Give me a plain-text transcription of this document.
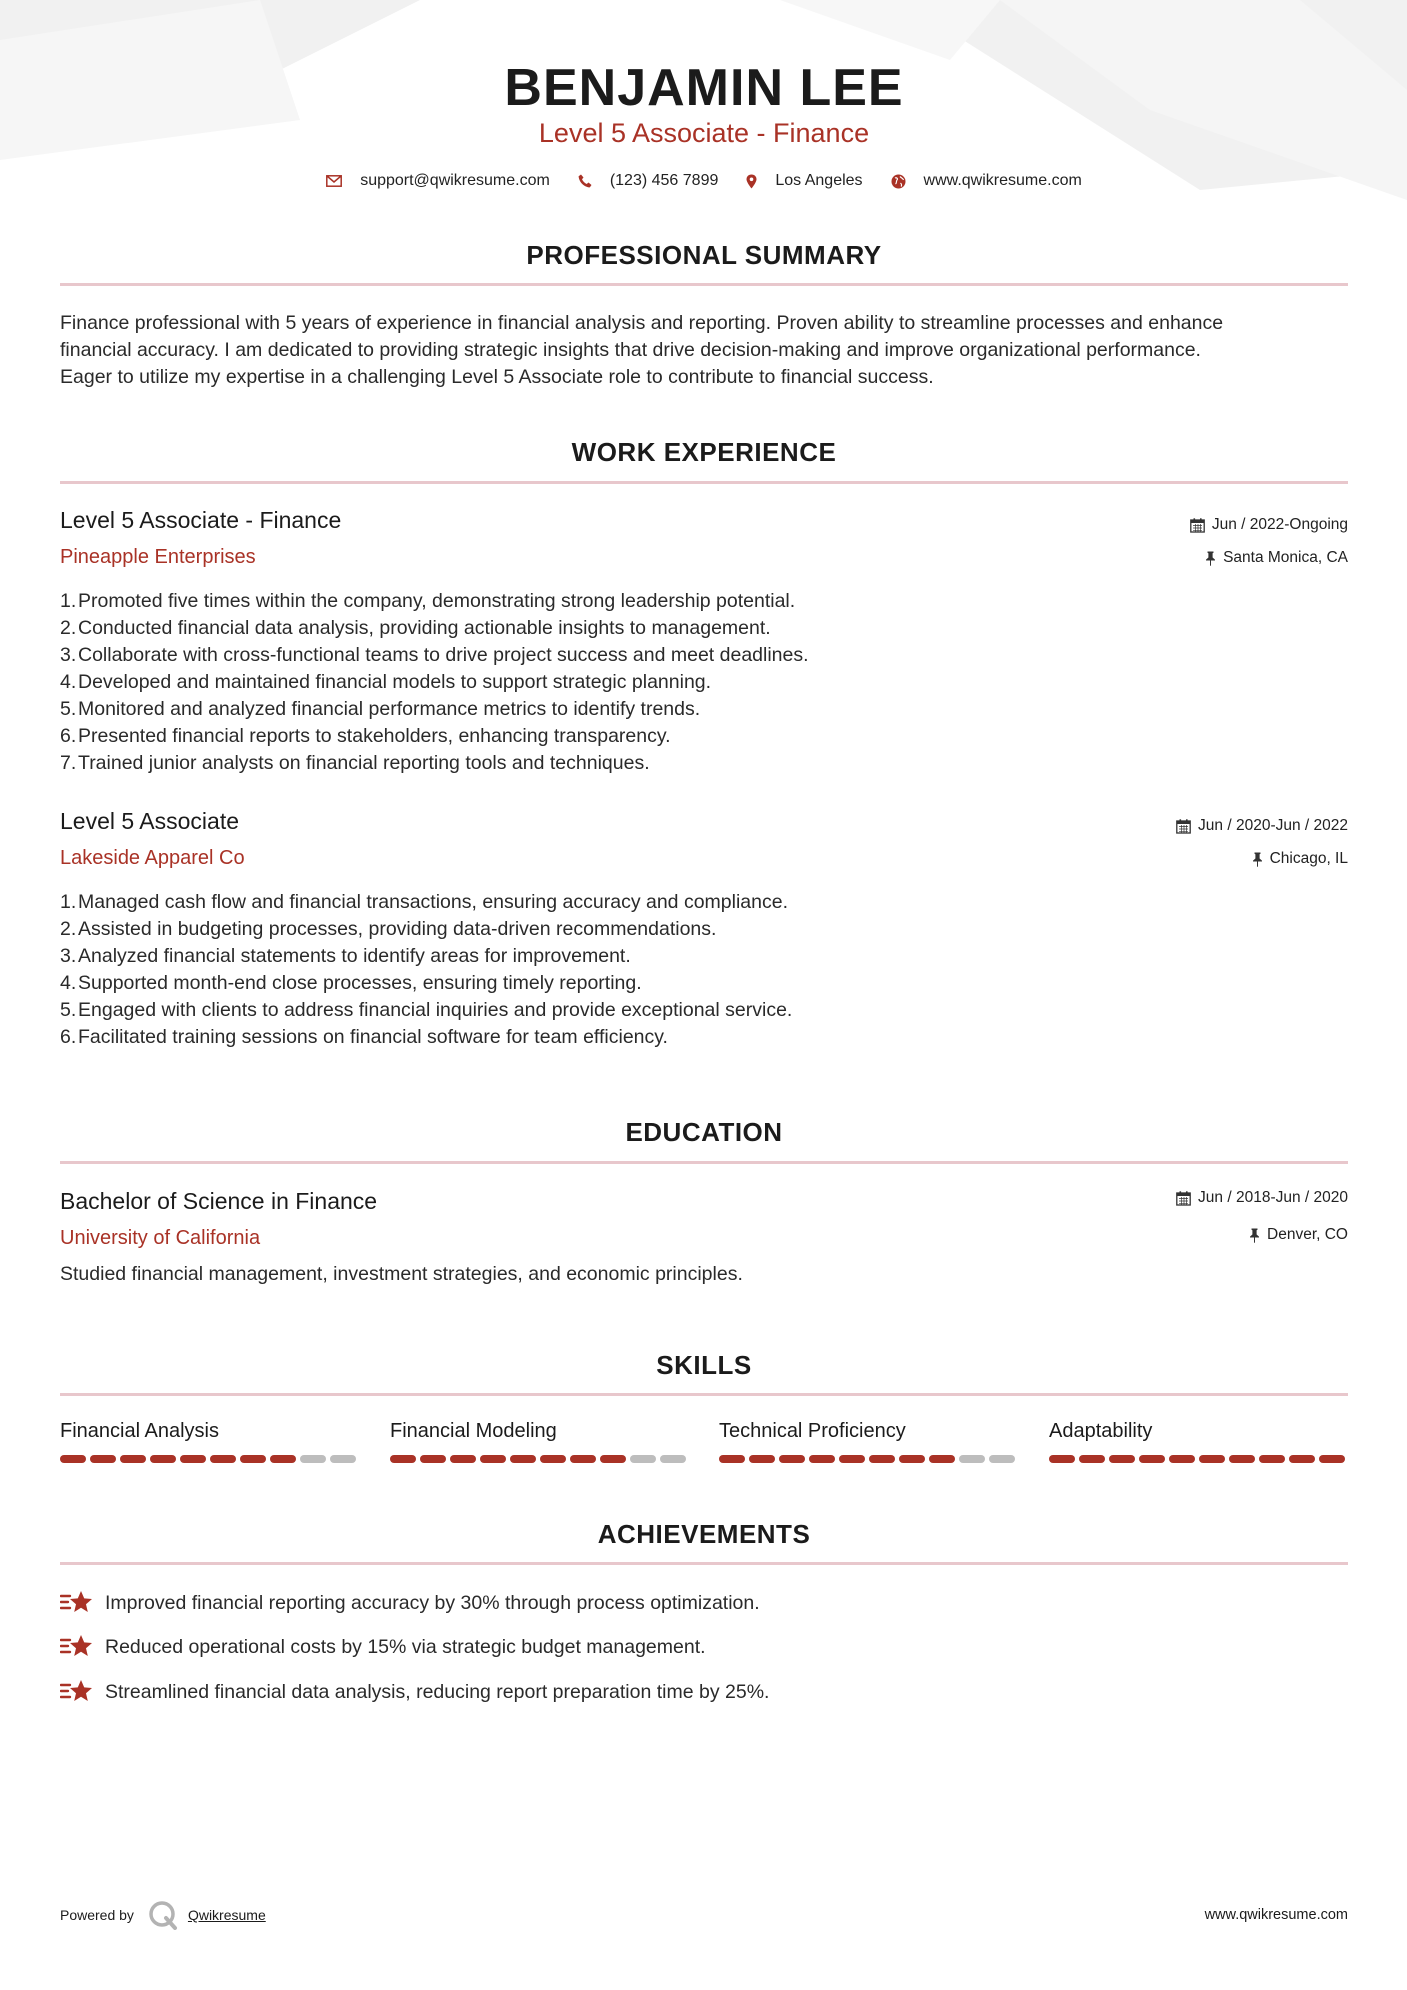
BENJAMIN LEE
Level 5 Associate - Finance
support@qwikresume.com	(123) 456 7899	Los Angeles	www.qwikresume.com
PROFESSIONAL SUMMARY
Finance professional with 5 years of experience in financial analysis and reporting. Proven ability to streamline processes and enhance
financial accuracy. I am dedicated to providing strategic insights that drive decision-making and improve organizational performance.
Eager to utilize my expertise in a challenging Level 5 Associate role to contribute to financial success.
WORK EXPERIENCE
Level 5 Associate - Finance
Pineapple Enterprises
Jun / 2022-Ongoing
Santa Monica, CA
1.Promoted five times within the company, demonstrating strong leadership potential.
2.Conducted financial data analysis, providing actionable insights to management.
3.Collaborate with cross-functional teams to drive project success and meet deadlines.
4.Developed and maintained financial models to support strategic planning.
5.Monitored and analyzed financial performance metrics to identify trends.
6.Presented financial reports to stakeholders, enhancing transparency.
7.Trained junior analysts on financial reporting tools and techniques.
Level 5 Associate
Lakeside Apparel Co
Jun / 2020-Jun / 2022
Chicago, IL
1.Managed cash flow and financial transactions, ensuring accuracy and compliance.
2.Assisted in budgeting processes, providing data-driven recommendations.
3.Analyzed financial statements to identify areas for improvement.
4.Supported month-end close processes, ensuring timely reporting.
5.Engaged with clients to address financial inquiries and provide exceptional service.
6.Facilitated training sessions on financial software for team efficiency.
EDUCATION
Bachelor of Science in Finance
University of California
Jun / 2018-Jun / 2020
Denver, CO
Studied financial management, investment strategies, and economic principles.
SKILLS
Financial Analysis	Financial Modeling	Technical Proficiency	Adaptability
ACHIEVEMENTS
Improved financial reporting accuracy by 30% through process optimization.
Reduced operational costs by 15% via strategic budget management.
Streamlined financial data analysis, reducing report preparation time by 25%.
Powered by	Qwikresume	www.qwikresume.com
